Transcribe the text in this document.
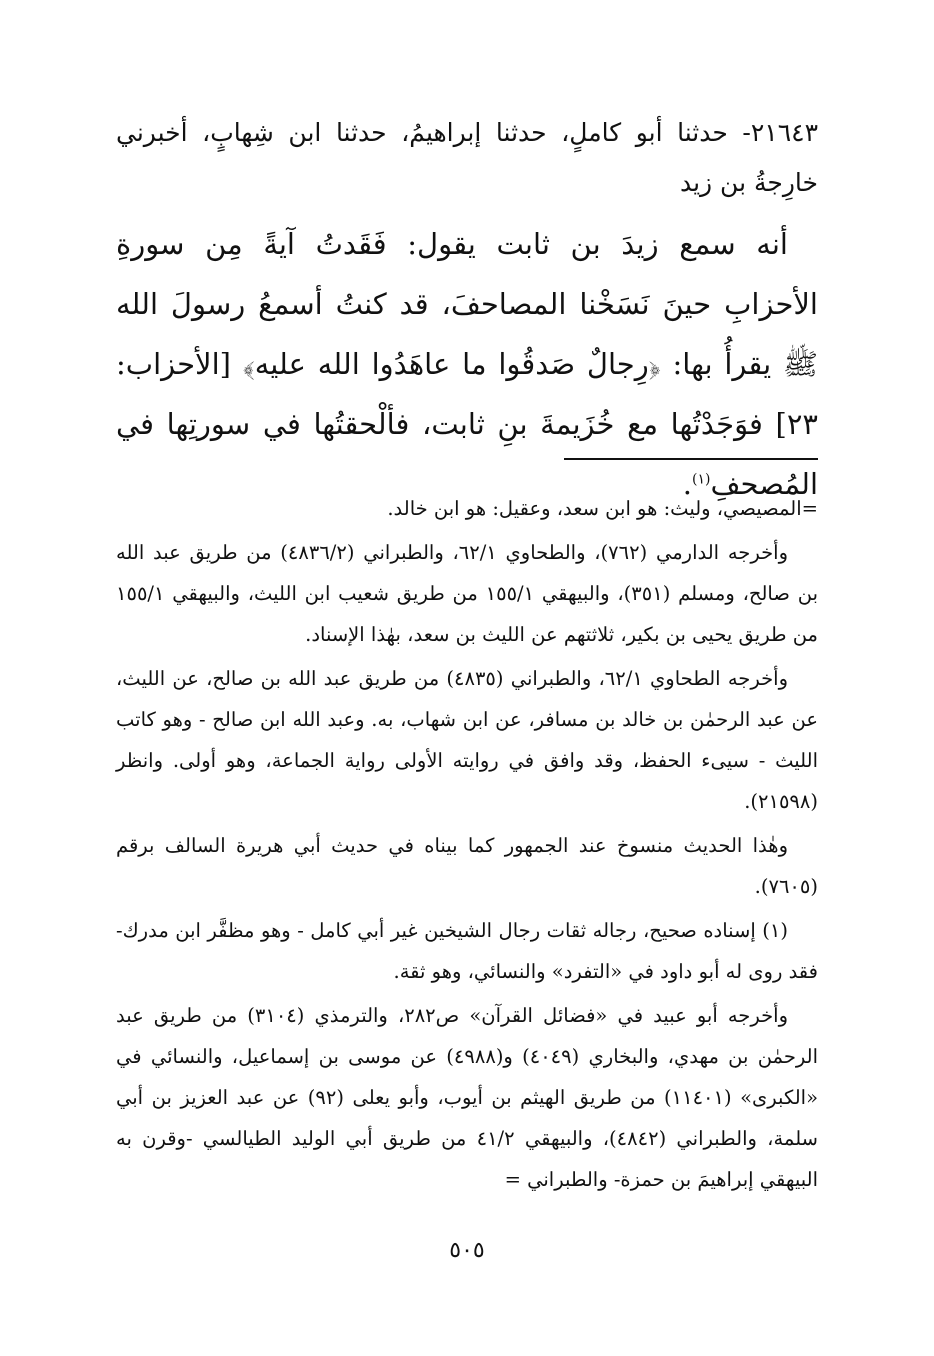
٢١٦٤٣- حدثنا أبو كاملٍ، حدثنا إبراهيمُ، حدثنا ابن شِهابٍ، أخبرني خارِجةُ بن زيد

أنه سمع زيدَ بن ثابت يقول: فَقَدتُ آيةً مِن سورةِ الأحزابِ حينَ نَسَخْنا المصاحفَ، قد كنتُ أسمعُ رسولَ الله ﷺ يقرأُ بها: ﴿رِجالٌ صَدقُوا ما عاهَدُوا الله عليه﴾ [الأحزاب: ٢٣] فوَجَدْتُها مع خُزَيمةَ بنِ ثابت، فألْحقتُها في سورتِها في المُصحفِ$^{(١)}$.

=المصيصي، وليث: هو ابن سعد، وعقيل: هو ابن خالد.

وأخرجه الدارمي (٧٦٢)، والطحاوي ٦٢/١، والطبراني (٤٨٣٦/٢) من طريق عبد الله بن صالح، ومسلم (٣٥١)، والبيهقي ١٥٥/١ من طريق شعيب ابن الليث، والبيهقي ١٥٥/١ من طريق يحيى بن بكير، ثلاثتهم عن الليث بن سعد، بهٰذا الإسناد.

وأخرجه الطحاوي ٦٢/١، والطبراني (٤٨٣٥) من طريق عبد الله بن صالح، عن الليث، عن عبد الرحمٰن بن خالد بن مسافر، عن ابن شهاب، به. وعبد الله ابن صالح - وهو كاتب الليث - سيىء الحفظ، وقد وافق في روايته الأولى رواية الجماعة، وهو أولى. وانظر (٢١٥٩٨).

وهٰذا الحديث منسوخ عند الجمهور كما بيناه في حديث أبي هريرة السالف برقم (٧٦٠٥).

(١) إسناده صحيح، رجاله ثقات رجال الشيخين غير أبي كامل - وهو مظفَّر ابن مدرك- فقد روى له أبو داود في «التفرد» والنسائي، وهو ثقة.

وأخرجه أبو عبيد في «فضائل القرآن» ص٢٨٢، والترمذي (٣١٠٤) من طريق عبد الرحمٰن بن مهدي، والبخاري (٤٠٤٩) و(٤٩٨٨) عن موسى بن إسماعيل، والنسائي في «الكبرى» (١١٤٠١) من طريق الهيثم بن أيوب، وأبو يعلى (٩٢) عن عبد العزيز بن أبي سلمة، والطبراني (٤٨٤٢)، والبيهقي ٤١/٢ من طريق أبي الوليد الطيالسي -وقرن به البيهقي إبراهيمَ بن حمزة- والطبراني =

٥٠٥
